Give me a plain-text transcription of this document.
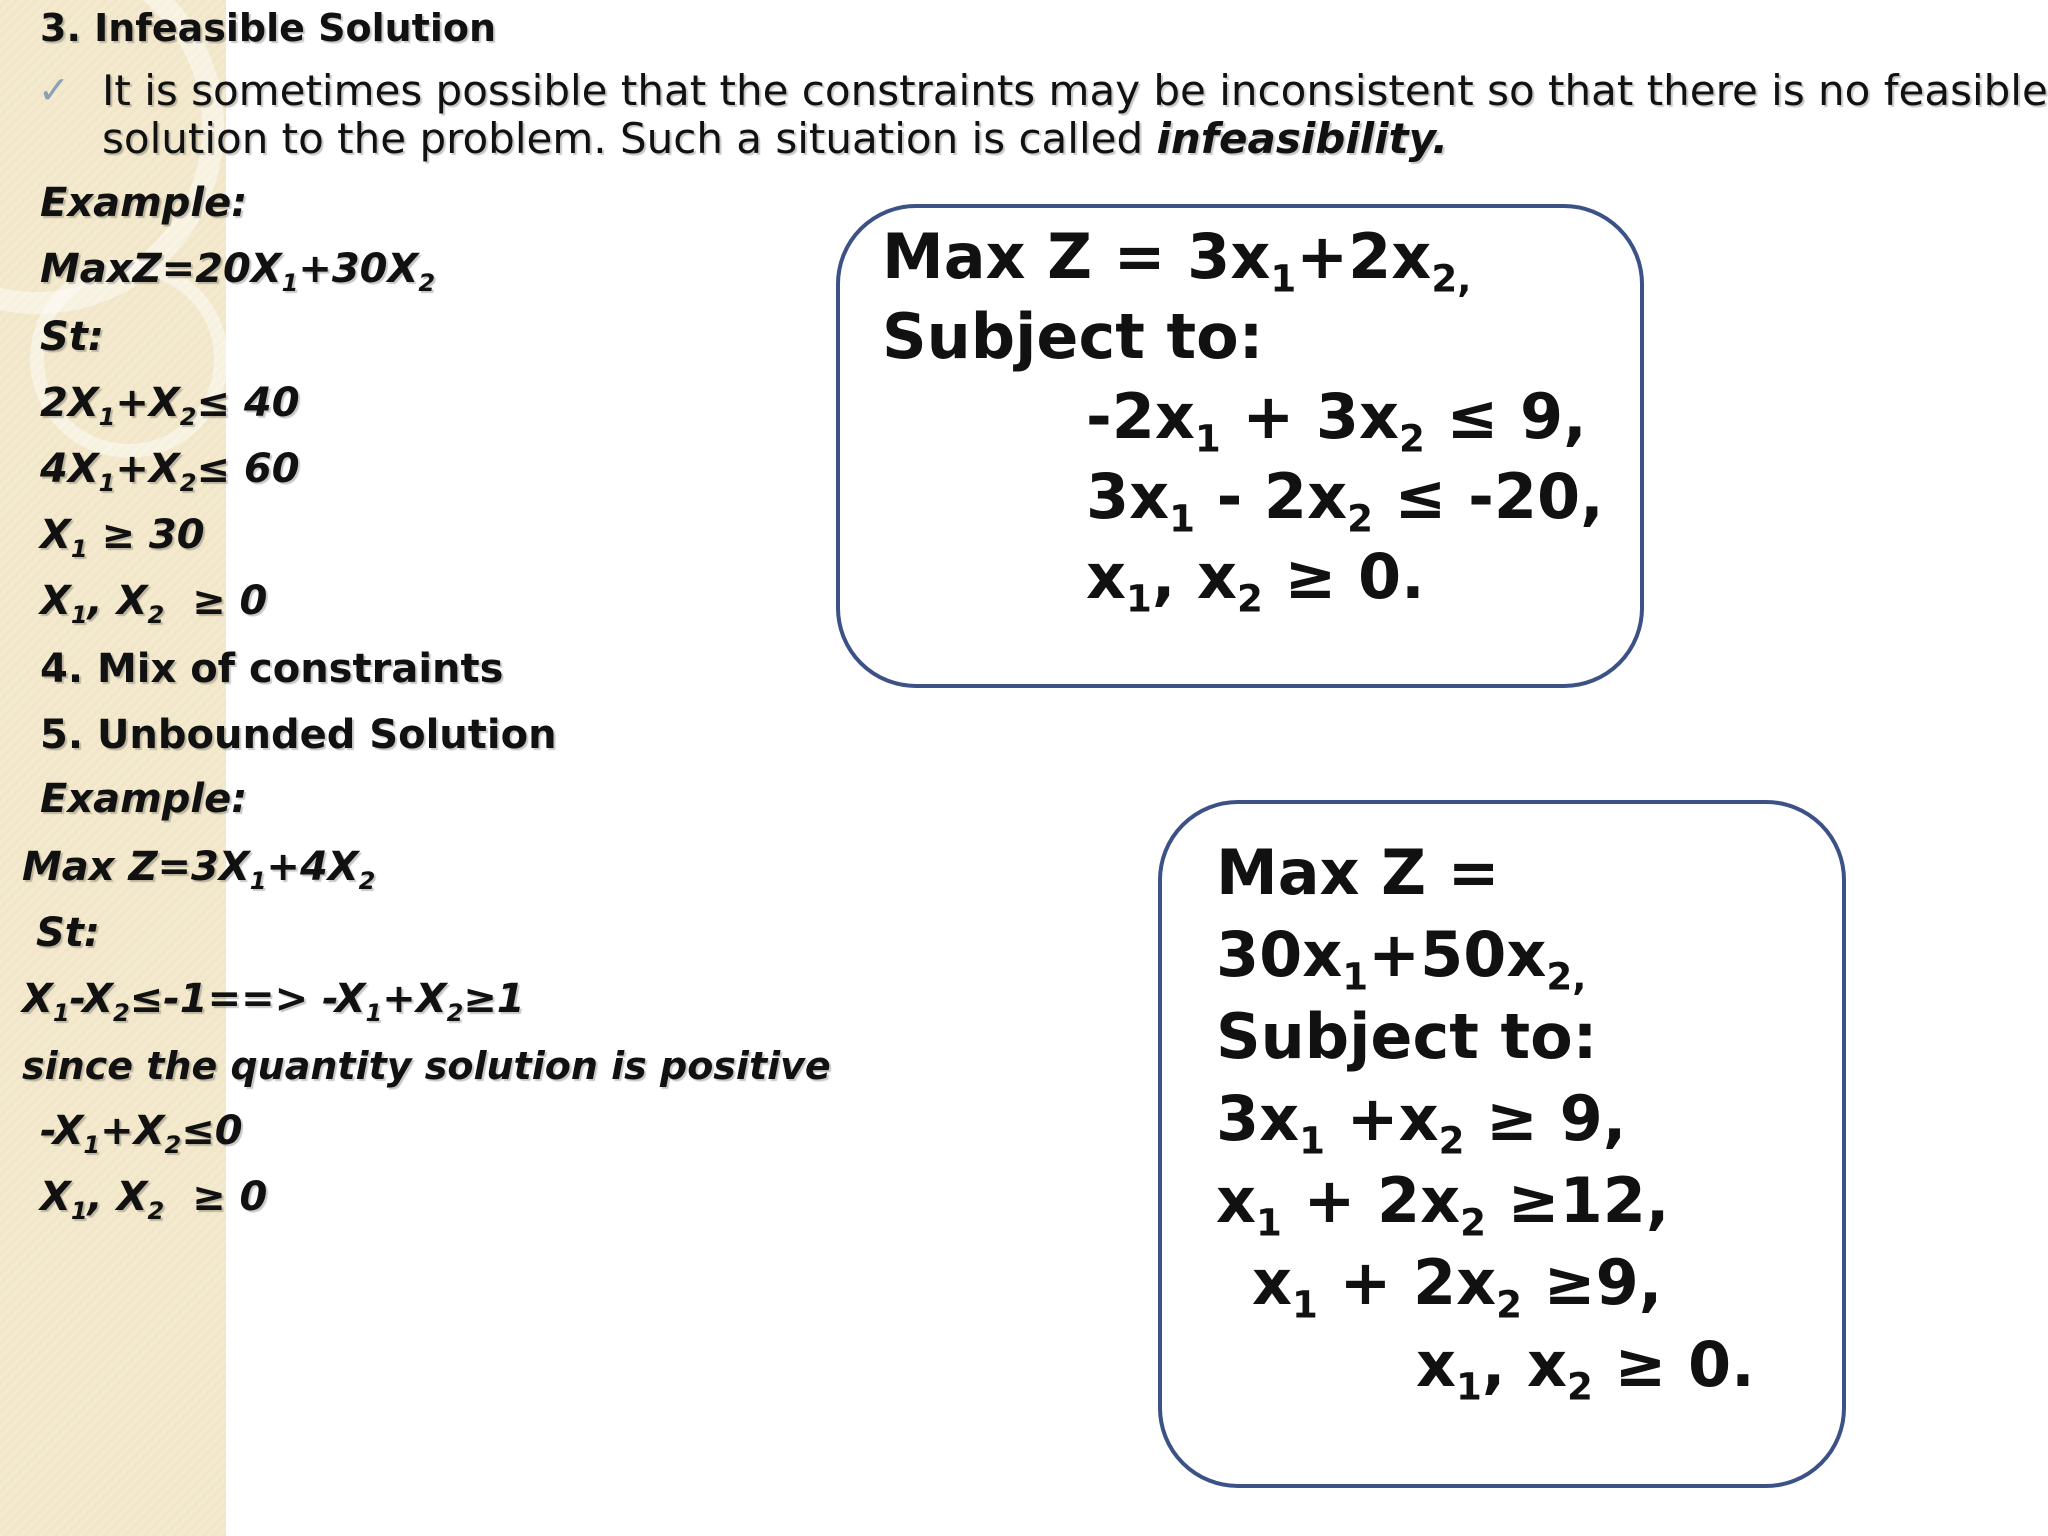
3. Infeasible Solution
✓ It is sometimes possible that the constraints may be inconsistent so that there is no feasible
solution to the problem. Such a situation is called infeasibility.
Example:
$MaxZ=20X_1+30X_2$
St:
$2X_1+X_2\le 40$
$4X_1+X_2\le 60$
$X_1 \ge 30$
$X_1$, $X_2 \ge 0$
4. Mix of constraints
5. Unbounded Solution
Example:
Max $Z=3X_1+4X_2$
St:
$X_1-X_2\le-1==> -X_1+X_2\ge 1$
since the quantity solution is positive
$-X_1+X_2\le 0$
$X_1$, $X_2 \ge 0$
Max $Z = 3x_1+2x_{2,}$
Subject to:
$-2x_1 + 3x_2 \le 9$,
$3x_1 - 2x_2 \le -20$,
$x_1$, $x_2 \ge 0$.
Max Z =
$30x_1+50x_{2,}$
Subject to:
$3x_1 +x_2 \ge 9$,
$x_1 + 2x_2 \ge 12$,
$x_1 + 2x_2 \ge 9$,
$x_1$, $x_2 \ge 0$.
